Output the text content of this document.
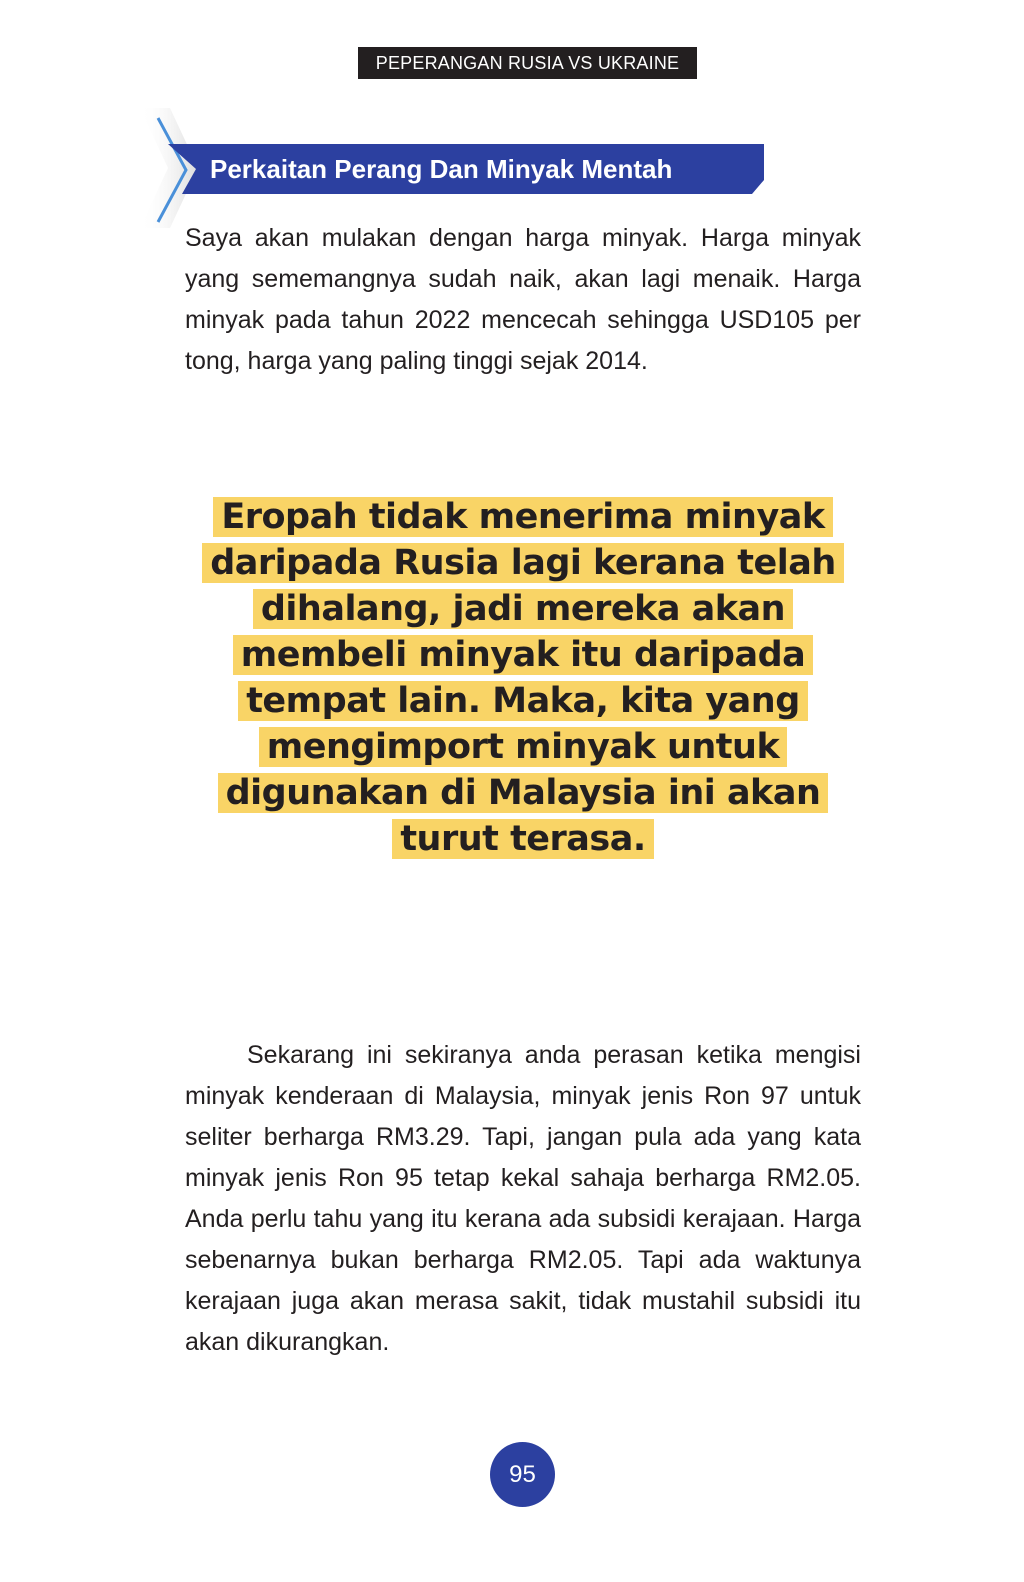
PEPERANGAN RUSIA VS UKRAINE
Perkaitan Perang Dan Minyak Mentah

Saya akan mulakan dengan harga minyak. Harga minyak yang sememangnya sudah naik, akan lagi menaik. Harga minyak pada tahun 2022 mencecah sehingga USD105 per tong, harga yang paling tinggi sejak 2014.

Eropah tidak menerima minyak daripada Rusia lagi kerana telah dihalang, jadi mereka akan membeli minyak itu daripada tempat lain. Maka, kita yang mengimport minyak untuk digunakan di Malaysia ini akan turut terasa.

Sekarang ini sekiranya anda perasan ketika mengisi minyak kenderaan di Malaysia, minyak jenis Ron 97 untuk seliter berharga RM3.29. Tapi, jangan pula ada yang kata minyak jenis Ron 95 tetap kekal sahaja berharga RM2.05. Anda perlu tahu yang itu kerana ada subsidi kerajaan. Harga sebenarnya bukan berharga RM2.05. Tapi ada waktunya kerajaan juga akan merasa sakit, tidak mustahil subsidi itu akan dikurangkan.

95
